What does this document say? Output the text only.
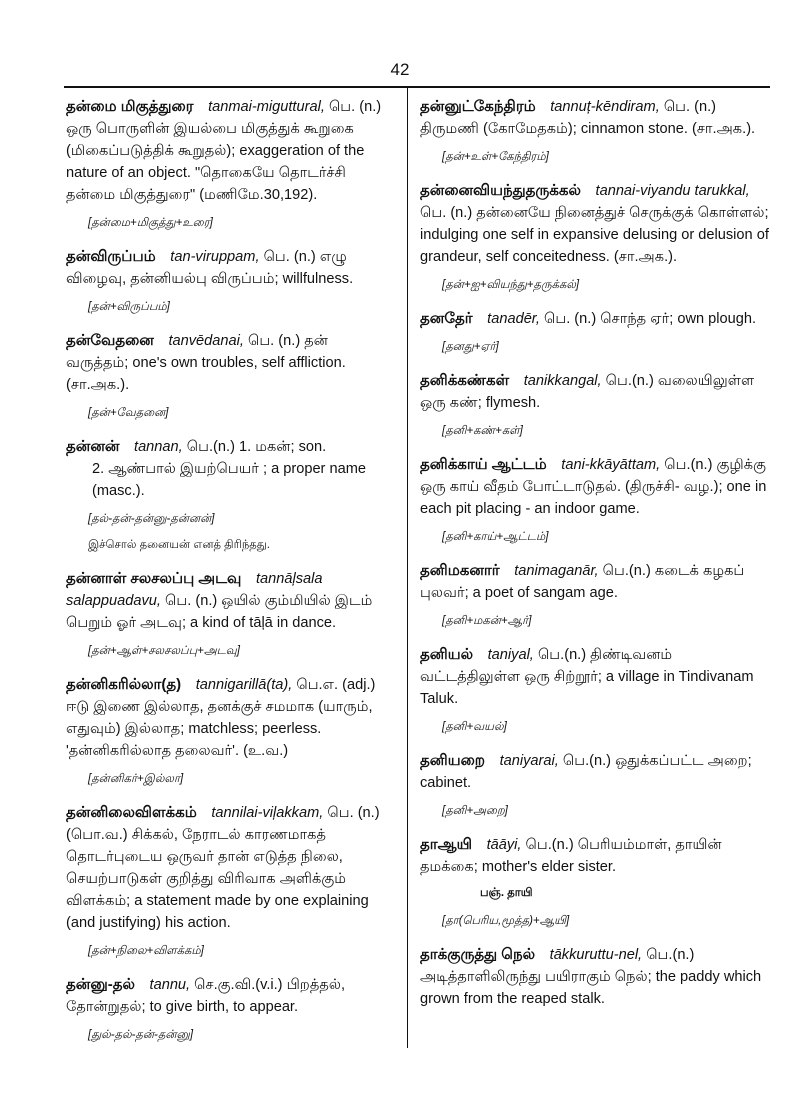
42
தன்மை மிகுத்துரை  tanmai-miguttural, பெ. (n.) ஒரு பொருளின் இயல்பை மிகுத்துக் கூறுகை (மிகைப்படுத்திக் கூறுதல்); exaggeration of the nature of an object. "தொகையே தொடர்ச்சி தன்மை மிகுத்துரை" (மணிமே.30,192).
[தன்மை+மிகுத்து+உரை]
தன்விருப்பம்  tan-viruppam, பெ. (n.) எழு விழைவு, தன்னியல்பு விருப்பம்; willfulness.
[தன்+விருப்பம்]
தன்வேதனை  tanvēdanai, பெ. (n.) தன் வருத்தம்; one's own troubles, self affliction. (சா.அக.).
[தன்+வேதனை]
தன்னன்  tannan, பெ.(n.) 1. மகன்; son.
2. ஆண்பால் இயற்பெயர் ; a proper name (masc.).
[தல்-தன்-தன்னு-தன்னன்]
இச்சொல் தனையன் எனத் திரிந்தது.
தன்னாள் சலசலப்பு அடவு  tannāļsala salappuadavu, பெ. (n.) ஒயில் கும்மியில் இடம் பெறும் ஓர் அடவு; a kind of tāļā in dance.
[தன்+ஆள்+சலசலப்பு+அடவு]
தன்னிகரில்லா(த)  tannigarillā(ta), பெ.எ. (adj.) ஈடு இணை இல்லாத, தனக்குச் சமமாக (யாரும், எதுவும்) இல்லாத; matchless; peerless. 'தன்னிகரில்லாத தலைவர்'. (உ.வ.)
[தன்னிகர்+இல்லா]
தன்னிலைவிளக்கம்  tannilai-viļakkam, பெ. (n.) (பொ.வ.) சிக்கல், நேராடல் காரணமாகத் தொடர்புடைய ஒருவர் தான் எடுத்த நிலை, செயற்பாடுகள் குறித்து விரிவாக அளிக்கும் விளக்கம்; a statement made by one explaining (and justifying) his action.
[தன்+நிலை+விளக்கம்]
தன்னு-தல்  tannu, செ.கு.வி.(v.i.) பிறத்தல், தோன்றுதல்; to give birth, to appear.
[துல்-தல்-தன்-தன்னு]
தன்னுட்கேந்திரம்  tannuț-kēndiram, பெ. (n.) திருமணி (கோமேதகம்); cinnamon stone. (சா.அக.).
[தன்+உள்+கேந்திரம்]
தன்னைவியந்துதருக்கல்  tannai-viyandu tarukkal, பெ. (n.) தன்னையே நினைத்துச் செருக்குக் கொள்ளல்; indulging one self in expansive delusing or delusion of grandeur, self conceitedness. (சா.அக.).
[தன்+ஐ+வியந்து+தருக்கல்]
தனதேர்  tanadēr, பெ. (n.) சொந்த ஏர்; own plough.
[தனது+ஏர்]
தனிக்கண்கள்  tanikkangal, பெ.(n.) வலையிலுள்ள ஒரு கண்; flymesh.
[தனி+கண்+கள்]
தனிக்காய் ஆட்டம்  tani-kkāyāttam, பெ.(n.) குழிக்கு ஒரு காய் வீதம் போட்டாடுதல். (திருச்சி- வழ.); one in each pit placing - an indoor game.
[தனி+காய்+ஆட்டம்]
தனிமகனார்  tanimaganār, பெ.(n.) கடைக் கழகப் புலவர்; a poet of sangam age.
[தனி+மகன்+ஆர்]
தனியல்  taniyal, பெ.(n.) திண்டிவனம் வட்டத்திலுள்ள ஒரு சிற்றூர்; a village in Tindivanam Taluk.
[தனி+வயல்]
தனியறை  taniyarai, பெ.(n.) ஒதுக்கப்பட்ட அறை; cabinet.
[தனி+அறை]
தாஆயி  tāāyi, பெ.(n.) பெரியம்மாள், தாயின் தமக்கை; mother's elder sister.
பஞ். தாயி
[தா(பெரிய,மூத்த)+ஆயி]
தாக்குருத்து நெல்  tākkuruttu-nel, பெ.(n.) அடித்தாளிலிருந்து பயிராகும் நெல்; the paddy which grown from the reaped stalk.
